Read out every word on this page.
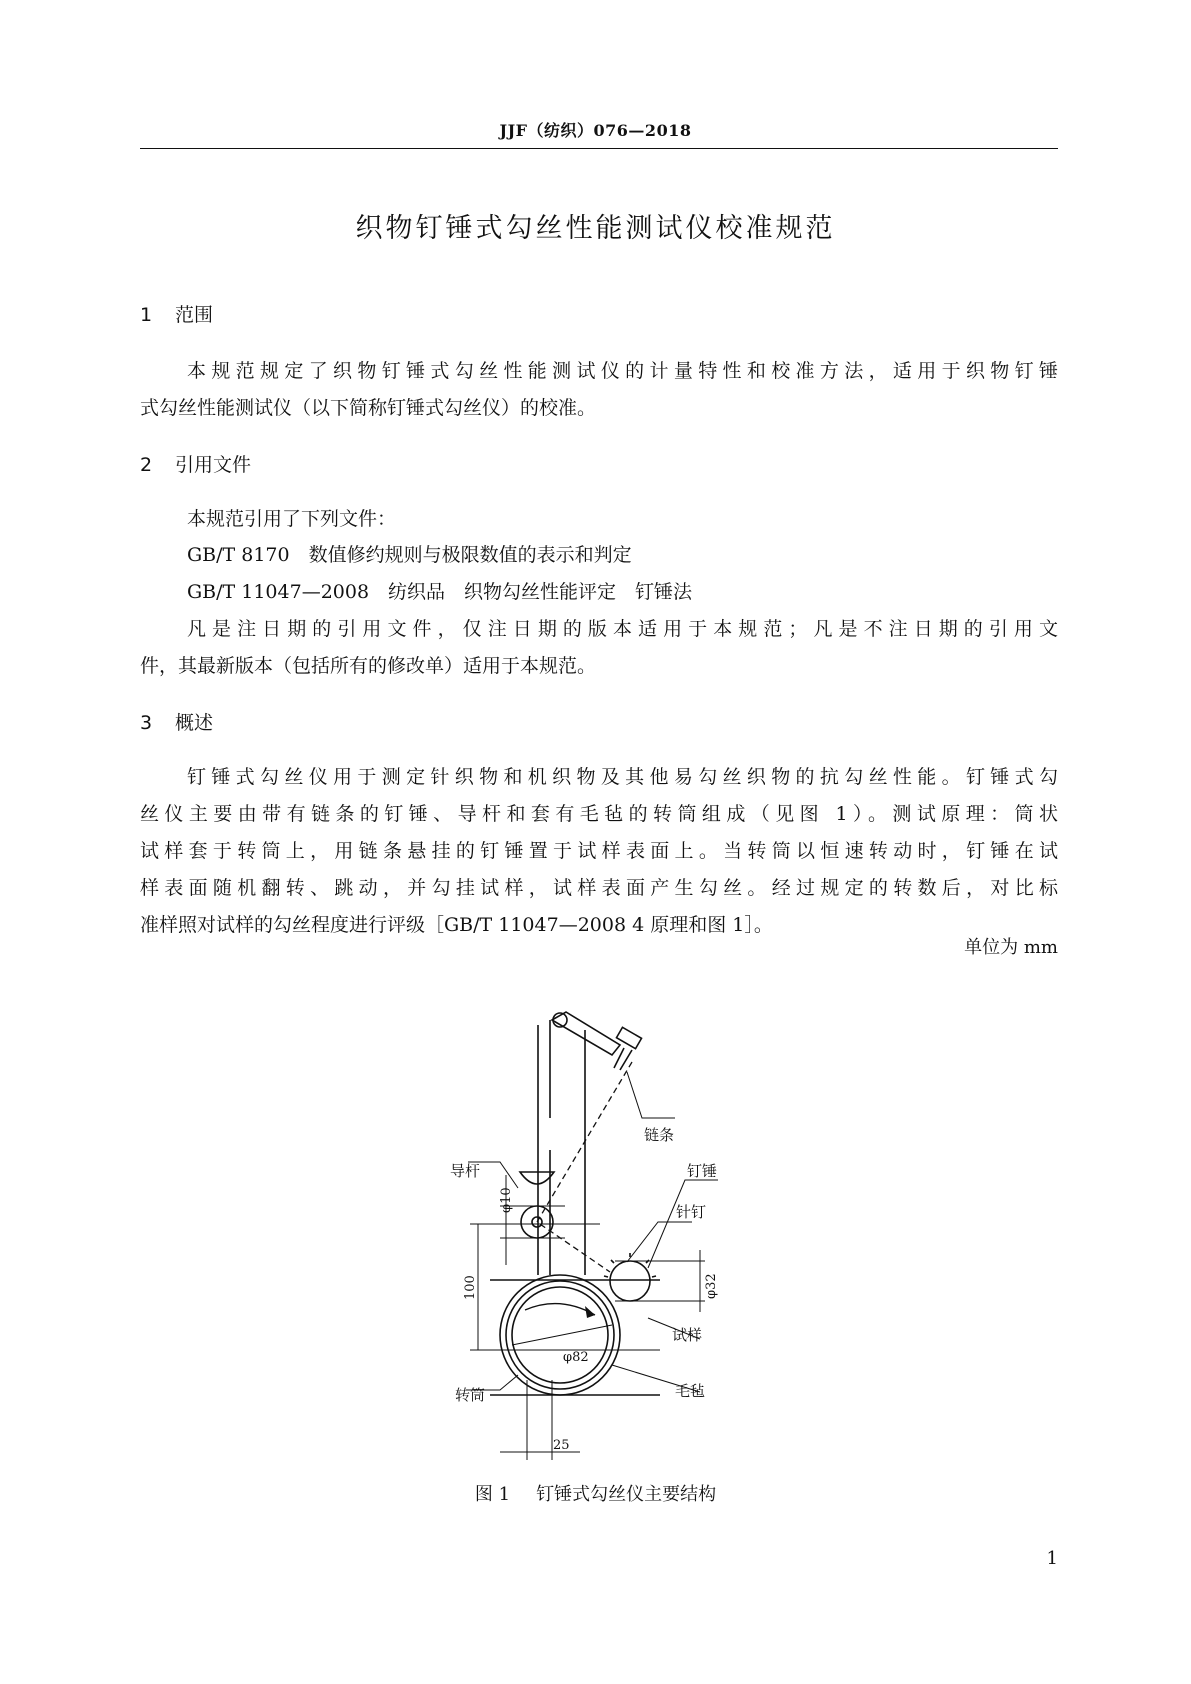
JJF（纺织）076—2018
织物钉锤式勾丝性能测试仪校准规范
1 范围
本规范规定了织物钉锤式勾丝性能测试仪的计量特性和校准方法，适用于织物钉锤
式勾丝性能测试仪（以下简称钉锤式勾丝仪）的校准。
2 引用文件
本规范引用了下列文件：
GB/T 8170　数值修约规则与极限数值的表示和判定
GB/T 11047—2008　纺织品　织物勾丝性能评定　钉锤法
凡是注日期的引用文件，仅注日期的版本适用于本规范；凡是不注日期的引用文
件，其最新版本（包括所有的修改单）适用于本规范。
3 概述
钉锤式勾丝仪用于测定针织物和机织物及其他易勾丝织物的抗勾丝性能。钉锤式勾
丝仪主要由带有链条的钉锤、导杆和套有毛毡的转筒组成（见图 1）。测试原理：筒状
试样套于转筒上，用链条悬挂的钉锤置于试样表面上。当转筒以恒速转动时，钉锤在试
样表面随机翻转、跳动，并勾挂试样，试样表面产生勾丝。经过规定的转数后，对比标
准样照对试样的勾丝程度进行评级［GB/T 11047—2008 4 原理和图 1］。
单位为 mm
链条
导杆	钉锤
针钉
试样
毛毡
转筒
φ10
100	φ32
φ82
25
图 1 钉锤式勾丝仪主要结构
1
